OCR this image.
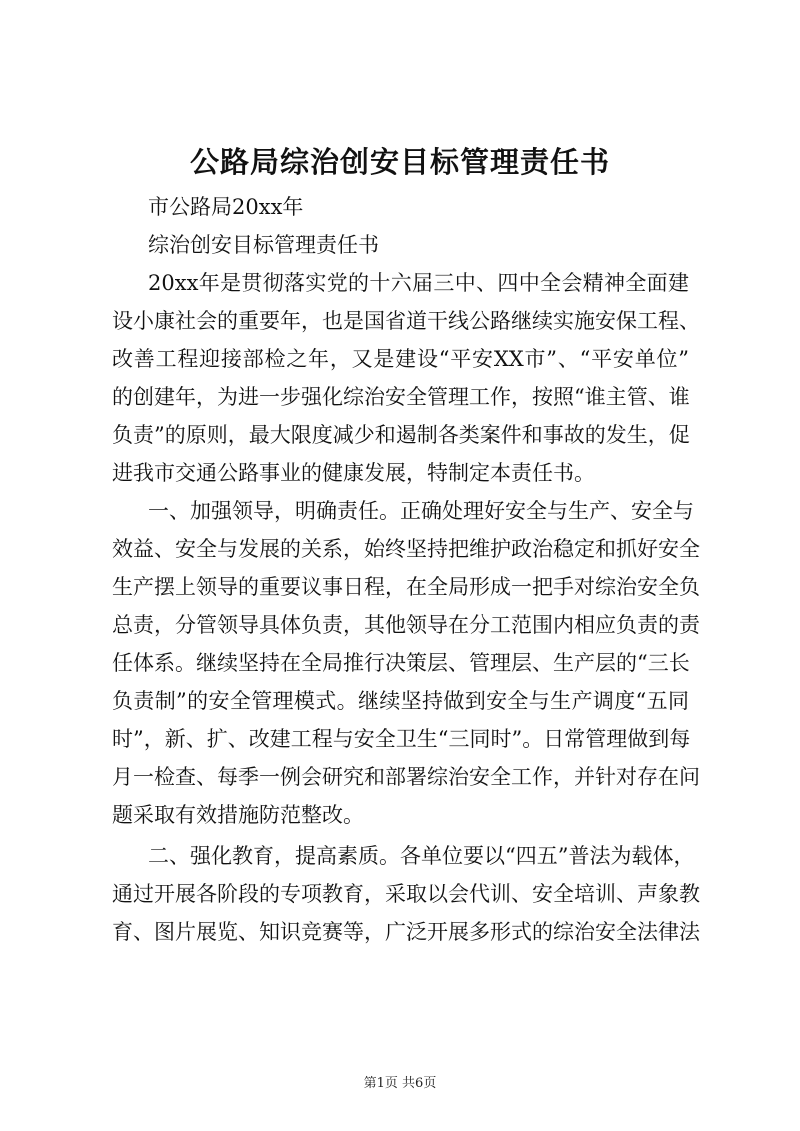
公路局综治创安目标管理责任书
市公路局20xx年
综治创安目标管理责任书
20xx年是贯彻落实党的十六届三中、四中全会精神全面建
设小康社会的重要年，也是国省道干线公路继续实施安保工程、
改善工程迎接部检之年，又是建设“平安XX市”、“平安单位”
的创建年，为进一步强化综治安全管理工作，按照“谁主管、谁
负责”的原则，最大限度减少和遏制各类案件和事故的发生，促
进我市交通公路事业的健康发展，特制定本责任书。
一、加强领导，明确责任。正确处理好安全与生产、安全与
效益、安全与发展的关系，始终坚持把维护政治稳定和抓好安全
生产摆上领导的重要议事日程，在全局形成一把手对综治安全负
总责，分管领导具体负责，其他领导在分工范围内相应负责的责
任体系。继续坚持在全局推行决策层、管理层、生产层的“三长
负责制”的安全管理模式。继续坚持做到安全与生产调度“五同
时”，新、扩、改建工程与安全卫生“三同时”。日常管理做到每
月一检查、每季一例会研究和部署综治安全工作，并针对存在问
题采取有效措施防范整改。
二、强化教育，提高素质。各单位要以“四五”普法为载体，
通过开展各阶段的专项教育，采取以会代训、安全培训、声象教
育、图片展览、知识竞赛等，广泛开展多形式的综治安全法律法
第1页 共6页
